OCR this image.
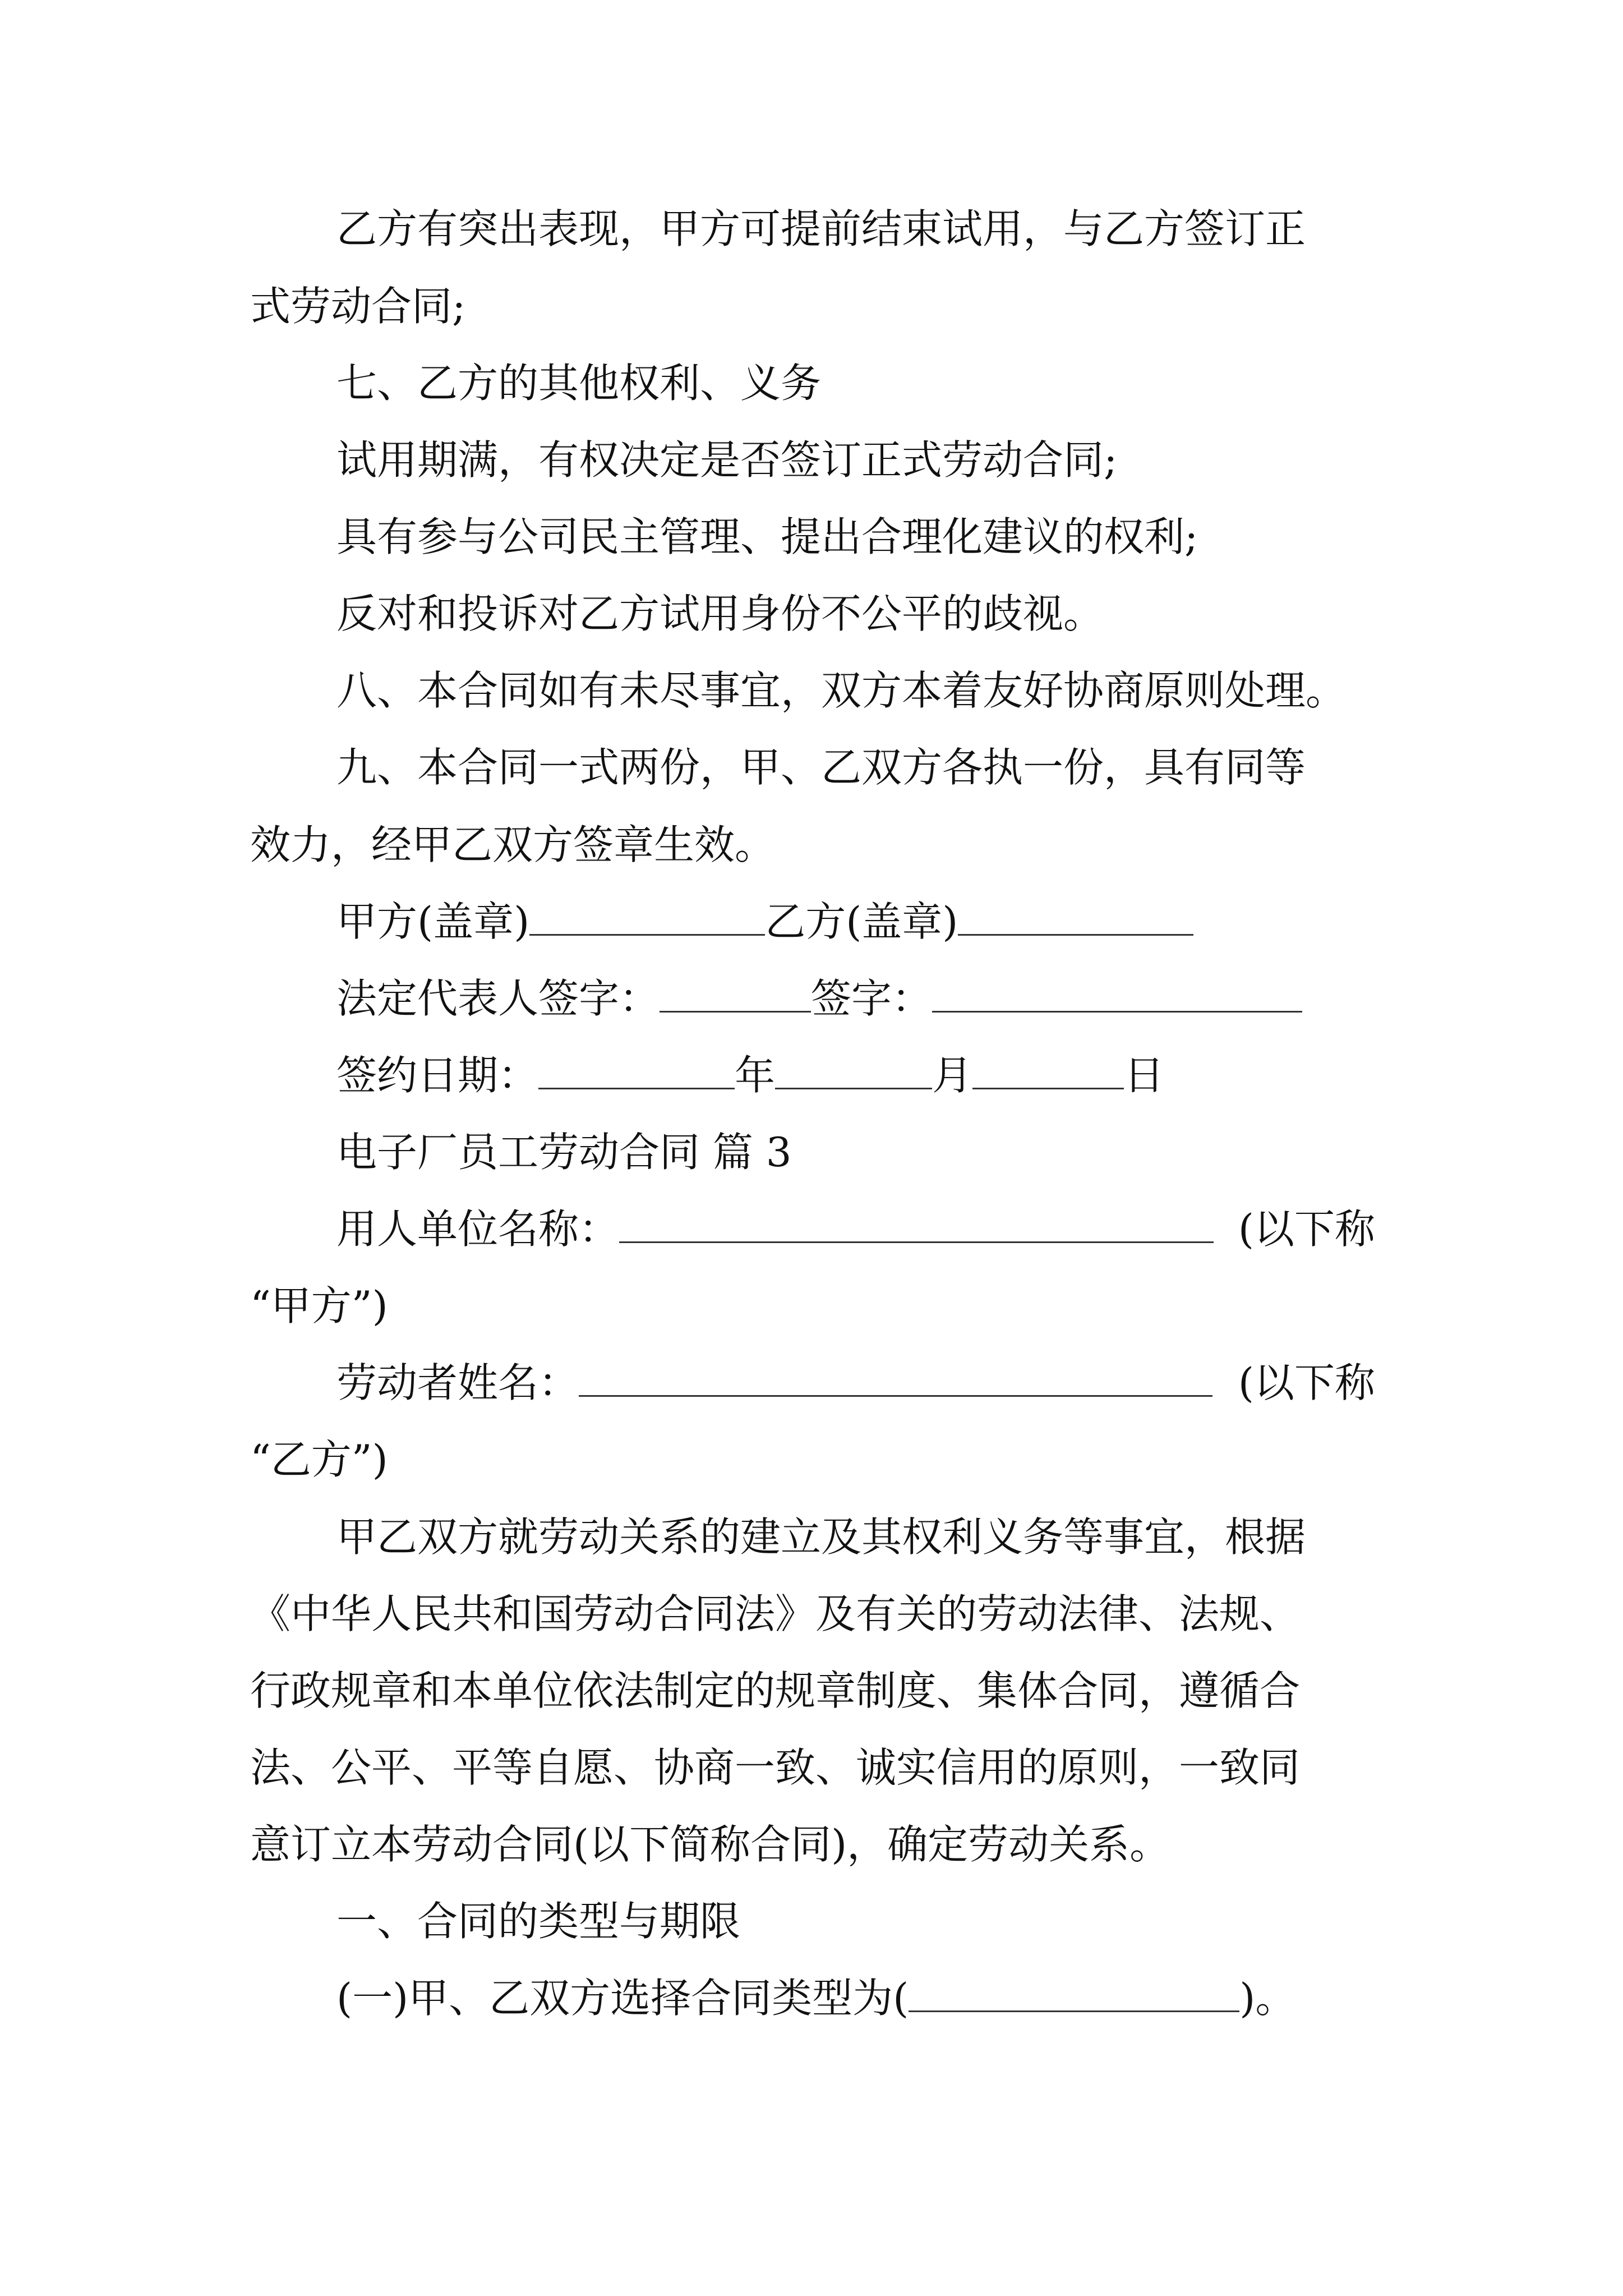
乙方有突出表现，甲方可提前结束试用，与乙方签订正
式劳动合同;
七、乙方的其他权利、义务
试用期满，有权决定是否签订正式劳动合同;
具有参与公司民主管理、提出合理化建议的权利;
反对和投诉对乙方试用身份不公平的歧视。
八、本合同如有未尽事宜，双方本着友好协商原则处理。
九、本合同一式两份，甲、乙双方各执一份，具有同等
效力，经甲乙双方签章生效。
甲方(盖章)	乙方(盖章)
法定代表人签字：	签字：
签约日期：	年	月	日
电子厂员工劳动合同 篇 3
用人单位名称：	(以下称
“甲方”)
劳动者姓名：	(以下称
“乙方”)
甲乙双方就劳动关系的建立及其权利义务等事宜，根据
《中华人民共和国劳动合同法》及有关的劳动法律、法规、
行政规章和本单位依法制定的规章制度、集体合同，遵循合
法、公平、平等自愿、协商一致、诚实信用的原则，一致同
意订立本劳动合同(以下简称合同)，确定劳动关系。
一、合同的类型与期限
(一)甲、乙双方选择合同类型为(	)。
